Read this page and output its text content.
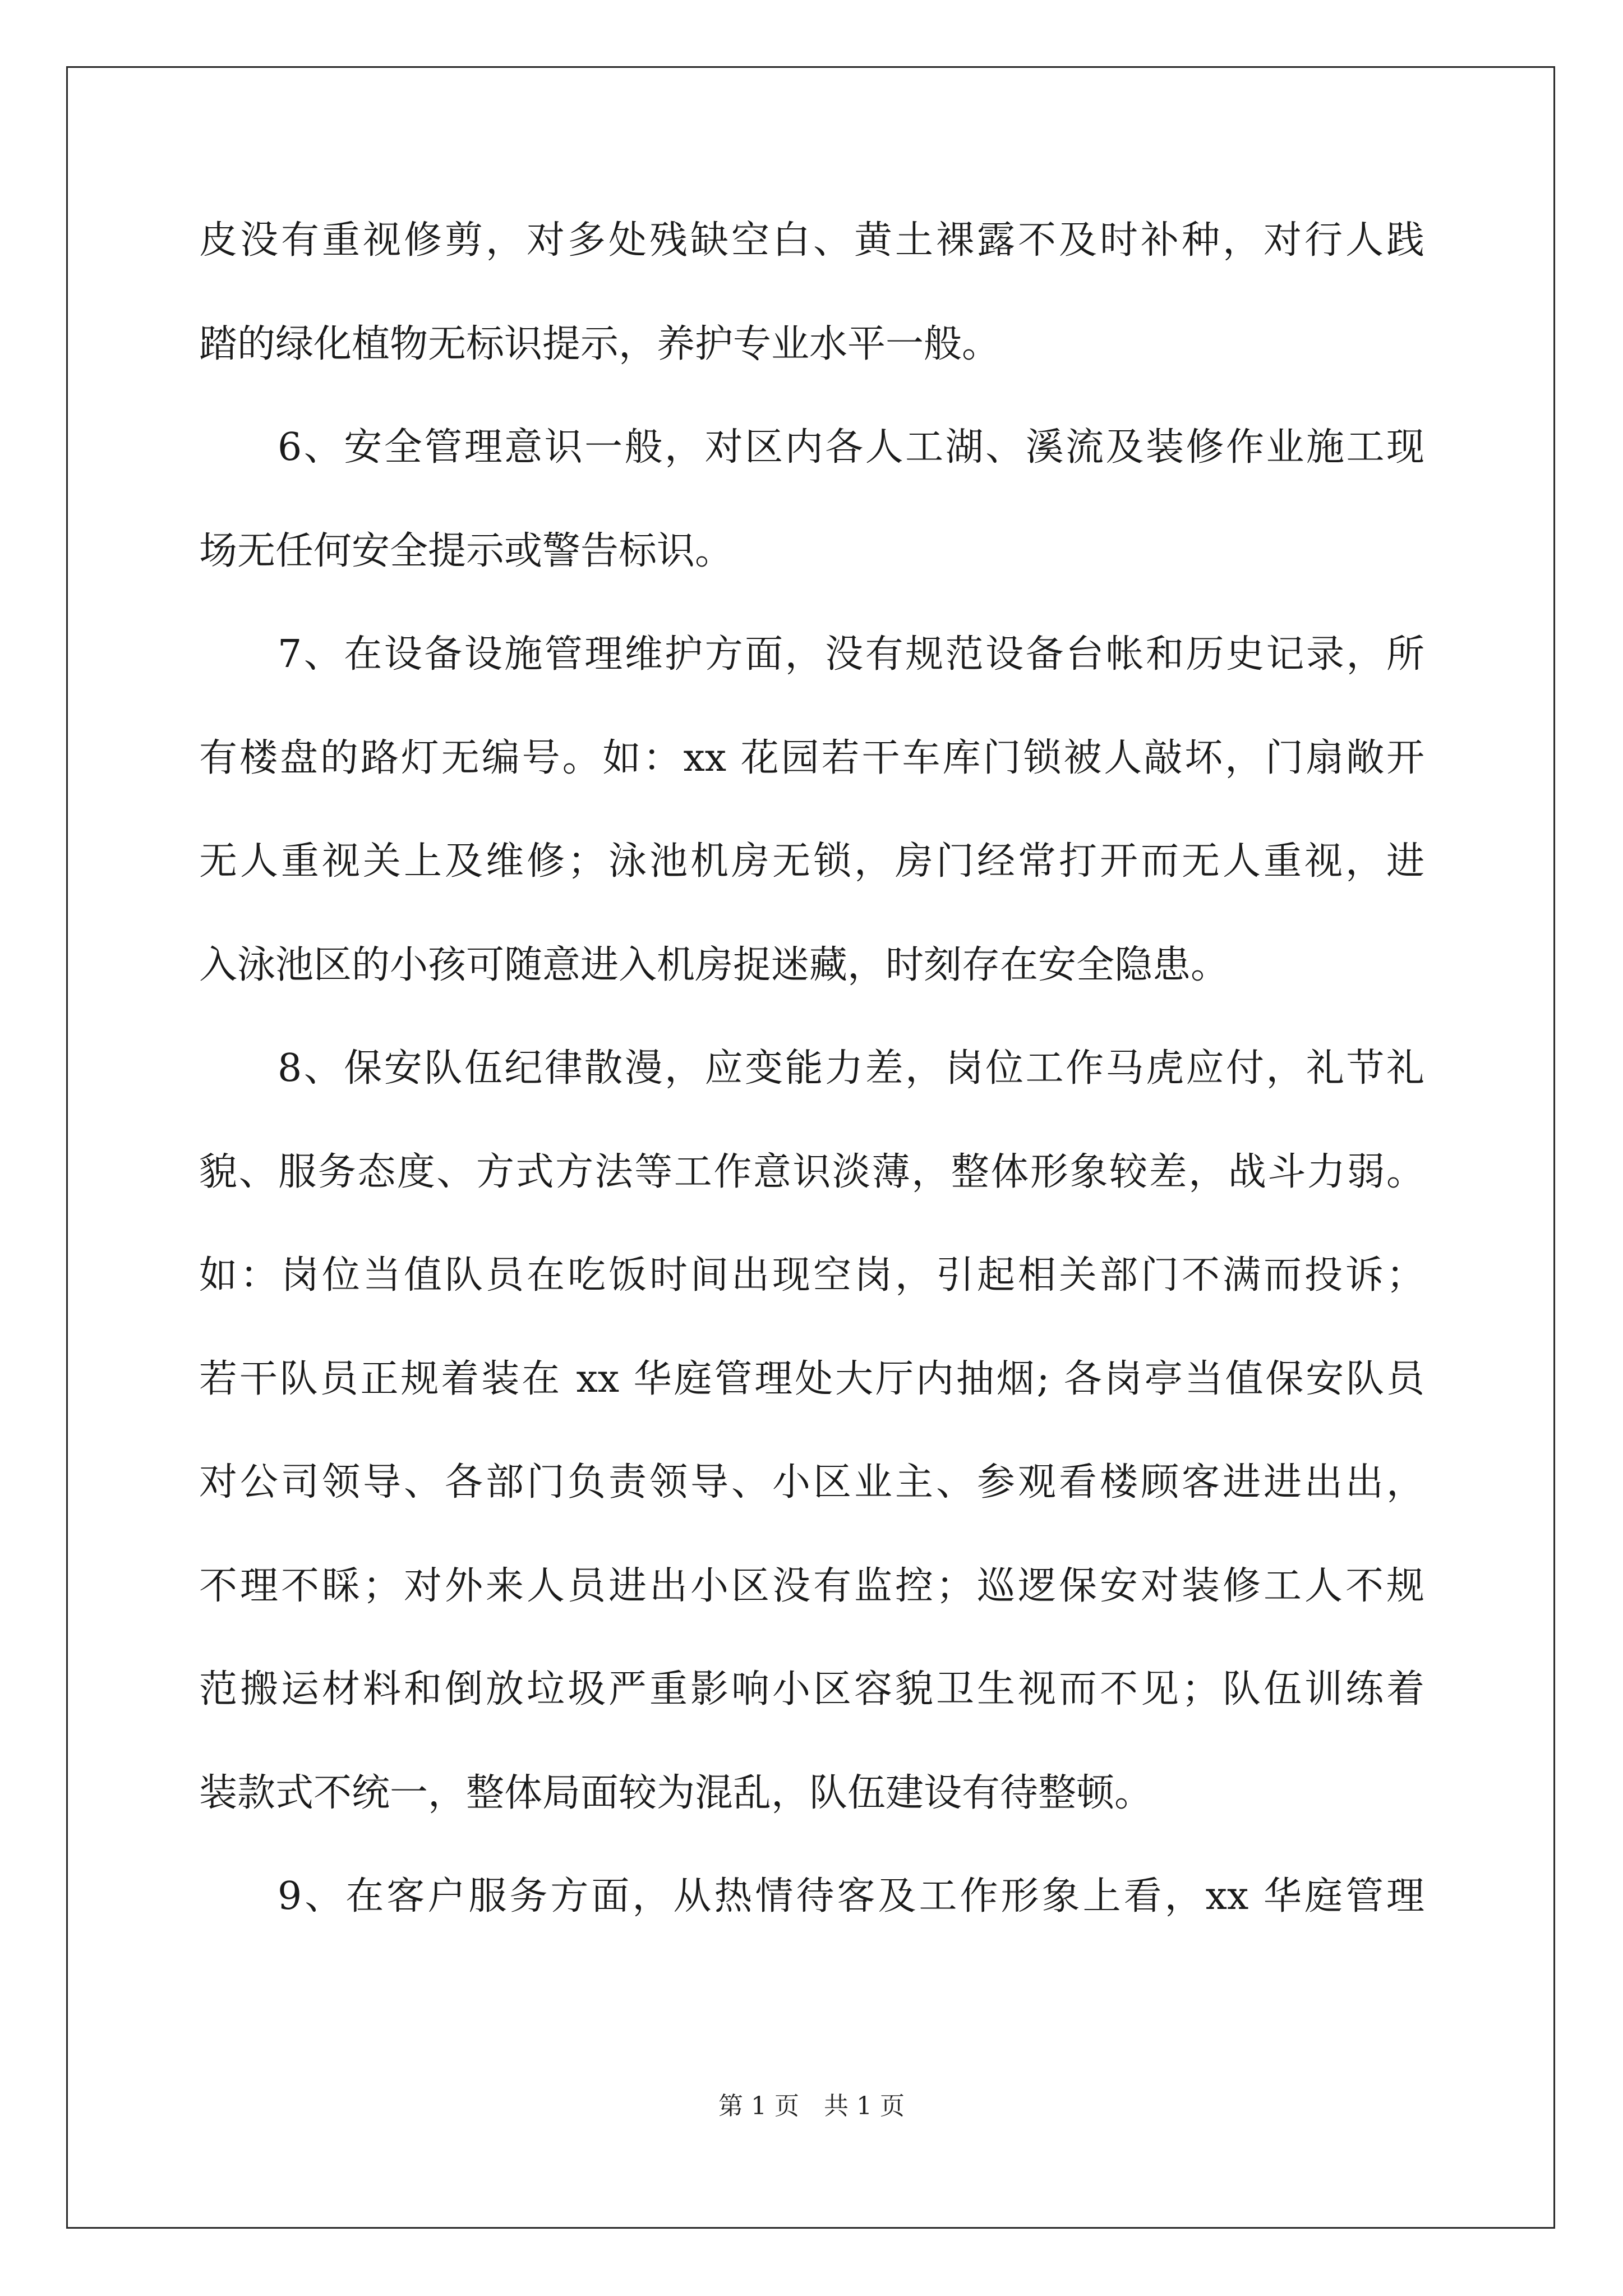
皮没有重视修剪，对多处残缺空白、黄土裸露不及时补种，对行人践
踏的绿化植物无标识提示，养护专业水平一般。
6、安全管理意识一般，对区内各人工湖、溪流及装修作业施工现
场无任何安全提示或警告标识。
7、在设备设施管理维护方面，没有规范设备台帐和历史记录，所
有楼盘的路灯无编号。如：xx 花园若干车库门锁被人敲坏，门扇敞开
无人重视关上及维修；泳池机房无锁，房门经常打开而无人重视，进
入泳池区的小孩可随意进入机房捉迷藏，时刻存在安全隐患。
8、保安队伍纪律散漫，应变能力差，岗位工作马虎应付，礼节礼
貌、服务态度、方式方法等工作意识淡薄，整体形象较差，战斗力弱。
如：岗位当值队员在吃饭时间出现空岗，引起相关部门不满而投诉；
若干队员正规着装在 xx 华庭管理处大厅内抽烟; 各岗亭当值保安队员
对公司领导、各部门负责领导、小区业主、参观看楼顾客进进出出，
不理不睬；对外来人员进出小区没有监控；巡逻保安对装修工人不规
范搬运材料和倒放垃圾严重影响小区容貌卫生视而不见；队伍训练着
装款式不统一，整体局面较为混乱，队伍建设有待整顿。
9、在客户服务方面，从热情待客及工作形象上看，xx 华庭管理
第 1 页 共 1 页
